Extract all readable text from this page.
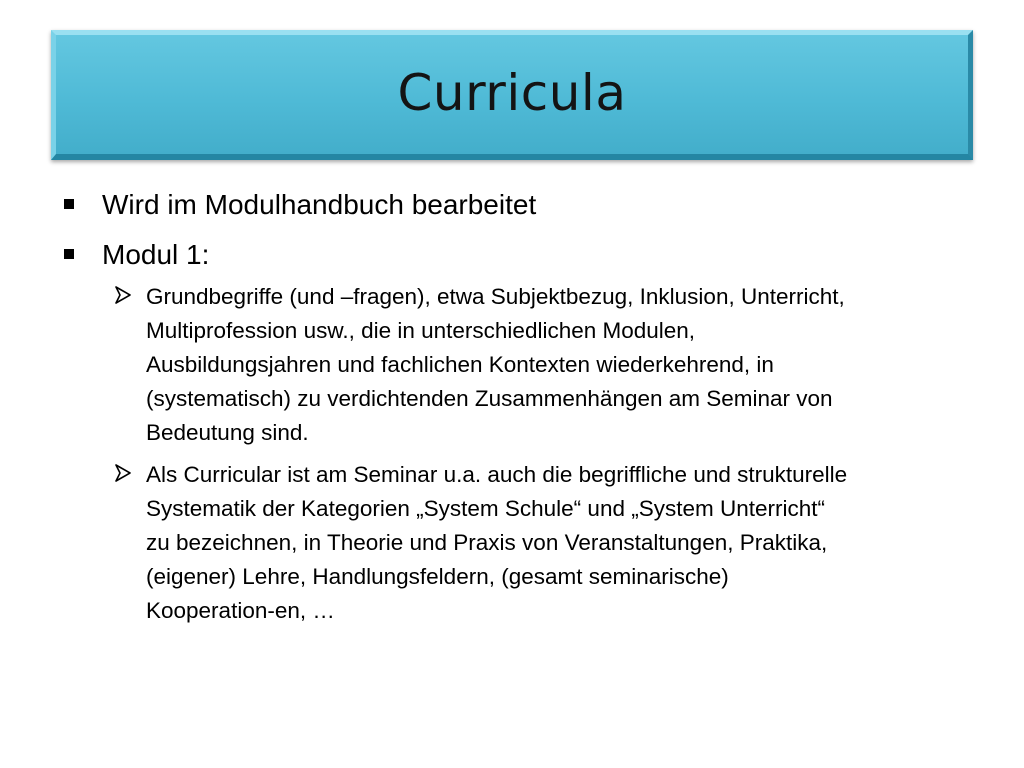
Curricula
Wird im Modulhandbuch bearbeitet
Modul 1:
Grundbegriffe (und –fragen), etwa Subjektbezug, Inklusion, Unterricht,
Multiprofession usw., die in unterschiedlichen Modulen,
Ausbildungsjahren und fachlichen Kontexten wiederkehrend, in
(systematisch) zu verdichtenden Zusammenhängen am Seminar von
Bedeutung sind.
Als Curricular ist am Seminar u.a. auch die begriffliche und strukturelle
Systematik der Kategorien „System Schule“ und „System Unterricht“
zu bezeichnen, in Theorie und Praxis von Veranstaltungen, Praktika,
(eigener) Lehre, Handlungsfeldern, (gesamt seminarische)
Kooperation-en, …
